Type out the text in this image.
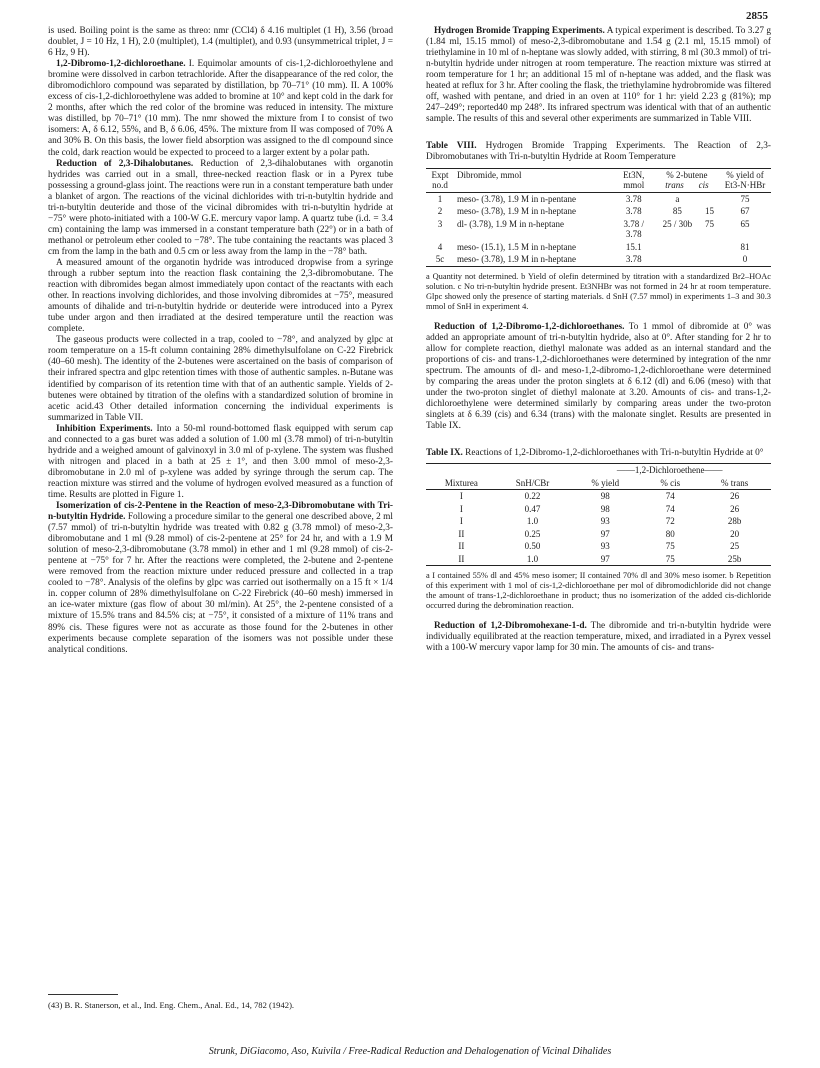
2855

is used. Boiling point is the same as threo: nmr (CCl4) δ 4.16 multiplet (1 H), 3.56 (broad doublet, J = 10 Hz, 1 H), 2.0 (multiplet), 1.4 (multiplet), and 0.93 (unsymmetrical triplet, J = 6 Hz, 9 H).

1,2-Dibromo-1,2-dichloroethane. I. Equimolar amounts of cis-1,2-dichloroethylene and bromine were dissolved in carbon tetrachloride. After the disappearance of the red color, the dibromodichloro compound was separated by distillation, bp 70–71° (10 mm). II. A 100% excess of cis-1,2-dichloroethylene was added to bromine at 10° and kept cold in the dark for 2 months, after which the red color of the bromine was reduced in intensity. The mixture was distilled, bp 70–71° (10 mm). The nmr showed the mixture from I to consist of two isomers: A, δ 6.12, 55%, and B, δ 6.06, 45%. The mixture from II was composed of 70% A and 30% B. On this basis, the lower field absorption was assigned to the dl compound since the cold, dark reaction would be expected to proceed to a larger extent by a polar path.

Reduction of 2,3-Dihalobutanes. Reduction of 2,3-dihalobutanes with organotin hydrides was carried out in a small, three-necked reaction flask or in a Pyrex tube possessing a ground-glass joint. The reactions were run in a constant temperature bath under a blanket of argon. The reactions of the vicinal dichlorides with tri-n-butyltin hydride and tri-n-butyltin deuteride and those of the vicinal dibromides with tri-n-butyltin hydride at −75° were photo-initiated with a 100-W G.E. mercury vapor lamp. A quartz tube (i.d. = 3.4 cm) containing the lamp was immersed in a constant temperature bath (22°) or in a bath of methanol or petroleum ether cooled to −78°. The tube containing the reactants was placed 3 cm from the lamp in the bath and 0.5 cm or less away from the lamp in the −78° bath.

A measured amount of the organotin hydride was introduced dropwise from a syringe through a rubber septum into the reaction flask containing the 2,3-dibromobutane. The reaction with dibromides began almost immediately upon contact of the reactants with each other. In reactions involving dichlorides, and those involving dibromides at −75°, measured amounts of dihalide and tri-n-butyltin hydride or deuteride were introduced into a Pyrex tube under argon and then irradiated at the desired temperature until the reaction was complete.

The gaseous products were collected in a trap, cooled to −78°, and analyzed by glpc at room temperature on a 15-ft column containing 28% dimethylsulfolane on C-22 Firebrick (40–60 mesh). The identity of the 2-butenes were ascertained on the basis of comparison of their infrared spectra and glpc retention times with those of authentic samples. n-Butane was identified by comparison of its retention time with that of an authentic sample. Yields of 2-butenes were obtained by titration of the olefins with a standardized solution of bromine in acetic acid.43 Other detailed information concerning the individual experiments is summarized in Table VII.

Inhibition Experiments. Into a 50-ml round-bottomed flask equipped with serum cap and connected to a gas buret was added a solution of 1.00 ml (3.78 mmol) of tri-n-butyltin hydride and a weighed amount of galvinoxyl in 3.0 ml of p-xylene. The system was flushed with nitrogen and placed in a bath at 25 ± 1°, and then 3.00 mmol of meso-2,3-dibromobutane in 2.0 ml of p-xylene was added by syringe through the serum cap. The reaction mixture was stirred and the volume of hydrogen evolved measured as a function of time. Results are plotted in Figure 1.

Isomerization of cis-2-Pentene in the Reaction of meso-2,3-Dibromobutane with Tri-n-butyltin Hydride. Following a procedure similar to the general one described above, 2 ml (7.57 mmol) of tri-n-butyltin hydride was treated with 0.82 g (3.78 mmol) of meso-2,3-dibromobutane and 1 ml (9.28 mmol) of cis-2-pentene at 25° for 24 hr, and with a 1.9 M solution of meso-2,3-dibromobutane (3.78 mmol) in ether and 1 ml (9.28 mmol) of cis-2-pentene at −75° for 7 hr. After the reactions were completed, the 2-butene and 2-pentene were removed from the reaction mixture under reduced pressure and collected in a trap cooled to −78°. Analysis of the olefins by glpc was carried out isothermally on a 15 ft × 1/4 in. copper column of 28% dimethylsulfolane on C-22 Firebrick (40–60 mesh) immersed in an ice-water mixture (gas flow of about 30 ml/min). At 25°, the 2-pentene consisted of a mixture of 15.5% trans and 84.5% cis; at −75°, it consisted of a mixture of 11% trans and 89% cis. These figures were not as accurate as those found for the 2-butenes in other experiments because complete separation of the isomers was not possible under these analytical conditions.

(43) B. R. Stanerson, et al., Ind. Eng. Chem., Anal. Ed., 14, 782 (1942).

Hydrogen Bromide Trapping Experiments. A typical experiment is described. To 3.27 g (1.84 ml, 15.15 mmol) of meso-2,3-dibromobutane and 1.54 g (2.1 ml, 15.15 mmol) of triethylamine in 10 ml of n-heptane was slowly added, with stirring, 8 ml (30.3 mmol) of tri-n-butyltin hydride under nitrogen at room temperature. The reaction mixture was stirred at room temperature for 1 hr; an additional 15 ml of n-heptane was added, and the flask was heated at reflux for 3 hr. After cooling the flask, the triethylamine hydrobromide was filtered off, washed with pentane, and dried in an oven at 110° for 1 hr: yield 2.23 g (81%); mp 247–249°; reported40 mp 248°. Its infrared spectrum was identical with that of an authentic sample. The results of this and several other experiments are summarized in Table VIII.

Table VIII. Hydrogen Bromide Trapping Experiments. The Reaction of 2,3-Dibromobutanes with Tri-n-butyltin Hydride at Room Temperature
Expt no.d	Dibromide, mmol	Et3N, mmol	% 2-butene
trans cis		% yield of Et3-N·HBr
1	meso- (3.78), 1.9 M in n-pentane	3.78	a		75
2	meso- (3.78), 1.9 M in n-heptane	3.78	85	15	67
3	dl- (3.78), 1.9 M in n-heptane	3.78 / 3.78	25 / 30b	75	65
4	meso- (15.1), 1.5 M in n-heptane	15.1			81
5c	meso- (3.78), 1.9 M in n-heptane	3.78			0
a Quantity not determined. b Yield of olefin determined by titration with a standardized Br2–HOAc solution. c No tri-n-butyltin hydride present. Et3NHBr was not formed in 24 hr at room temperature. Glpc showed only the presence of starting materials. d SnH (7.57 mmol) in experiments 1–3 and 30.3 mmol of SnH in experiment 4.

Reduction of 1,2-Dibromo-1,2-dichloroethanes. To 1 mmol of dibromide at 0° was added an appropriate amount of tri-n-butyltin hydride, also at 0°. After standing for 2 hr to allow for complete reaction, diethyl malonate was added as an internal standard and the proportions of cis- and trans-1,2-dichloroethanes were determined by integration of the nmr spectrum. The amounts of dl- and meso-1,2-dibromo-1,2-dichloroethane were determined by comparing the areas under the proton singlets at δ 6.12 (dl) and 6.06 (meso) with that under the two-proton singlet of diethyl malonate at 3.20. Amounts of cis- and trans-1,2-dichloroethylene were determined similarly by comparing areas under the two-proton singlets at δ 6.39 (cis) and 6.34 (trans) with the malonate singlet. Results are presented in Table IX.

Table IX. Reactions of 1,2-Dibromo-1,2-dichloroethanes with Tri-n-butyltin Hydride at 0°
		——1,2-Dichloroethene——		
Mixturea	SnH/CBr	% yield	% cis	% trans
I	0.22	98	74	26
I	0.47	98	74	26
I	1.0	93	72	28b
II	0.25	97	80	20
II	0.50	93	75	25
II	1.0	97	75	25b
a I contained 55% dl and 45% meso isomer; II contained 70% dl and 30% meso isomer. b Repetition of this experiment with 1 mol of cis-1,2-dichloroethane per mol of dibromodichloride did not change the amount of trans-1,2-dichloroethane in product; thus no isomerization of the added cis-dichloride occurred during the debromination reaction.

Reduction of 1,2-Dibromohexane-1-d. The dibromide and tri-n-butyltin hydride were individually equilibrated at the reaction temperature, mixed, and irradiated in a Pyrex vessel with a 100-W mercury vapor lamp for 30 min. The amounts of cis- and trans-

Strunk, DiGiacomo, Aso, Kuivila / Free-Radical Reduction and Dehalogenation of Vicinal Dihalides
